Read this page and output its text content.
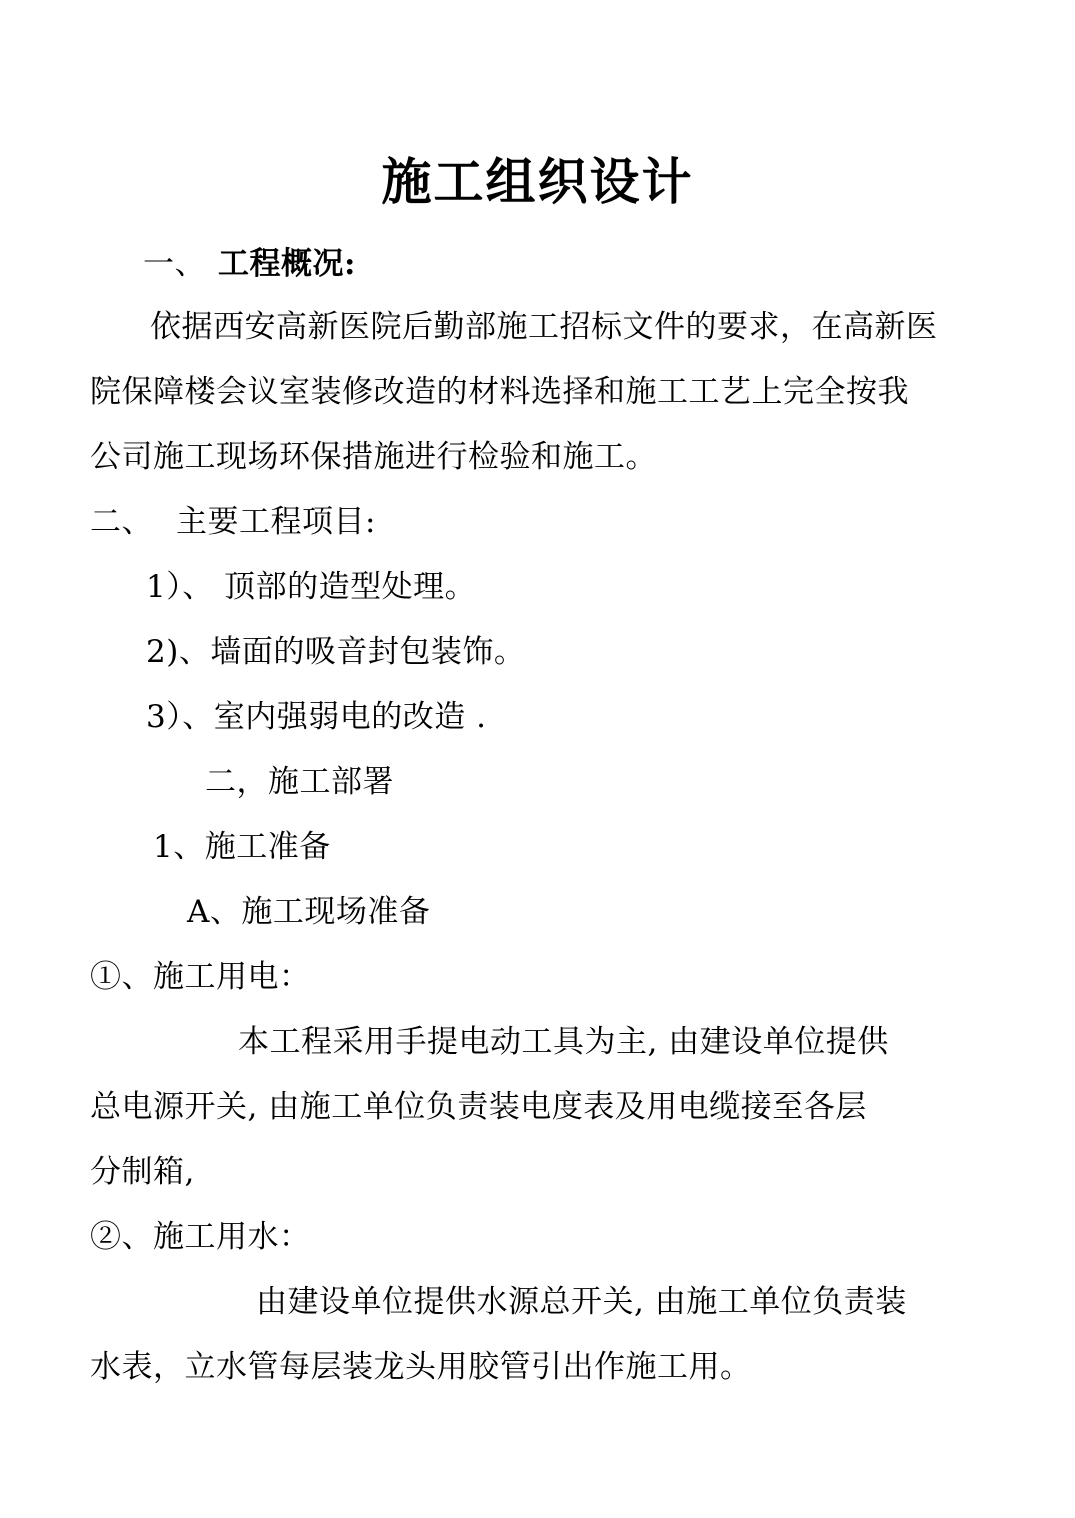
施工组织设计
一、 工程概况:
依据西安高新医院后勤部施工招标文件的要求，在高新医
院保障楼会议室装修改造的材料选择和施工工艺上完全按我
公司施工现场环保措施进行检验和施工。
二、 主要工程项目:
1）、 顶部的造型处理。
2)、墙面的吸音封包装饰。
3）、室内强弱电的改造 .
二，施工部署
1、施工准备
A、施工现场准备
①、施工用电：
本工程采用手提电动工具为主, 由建设单位提供
总电源开关, 由施工单位负责装电度表及用电缆接至各层
分制箱,
②、施工用水：
由建设单位提供水源总开关, 由施工单位负责装
水表，立水管每层装龙头用胶管引出作施工用。
